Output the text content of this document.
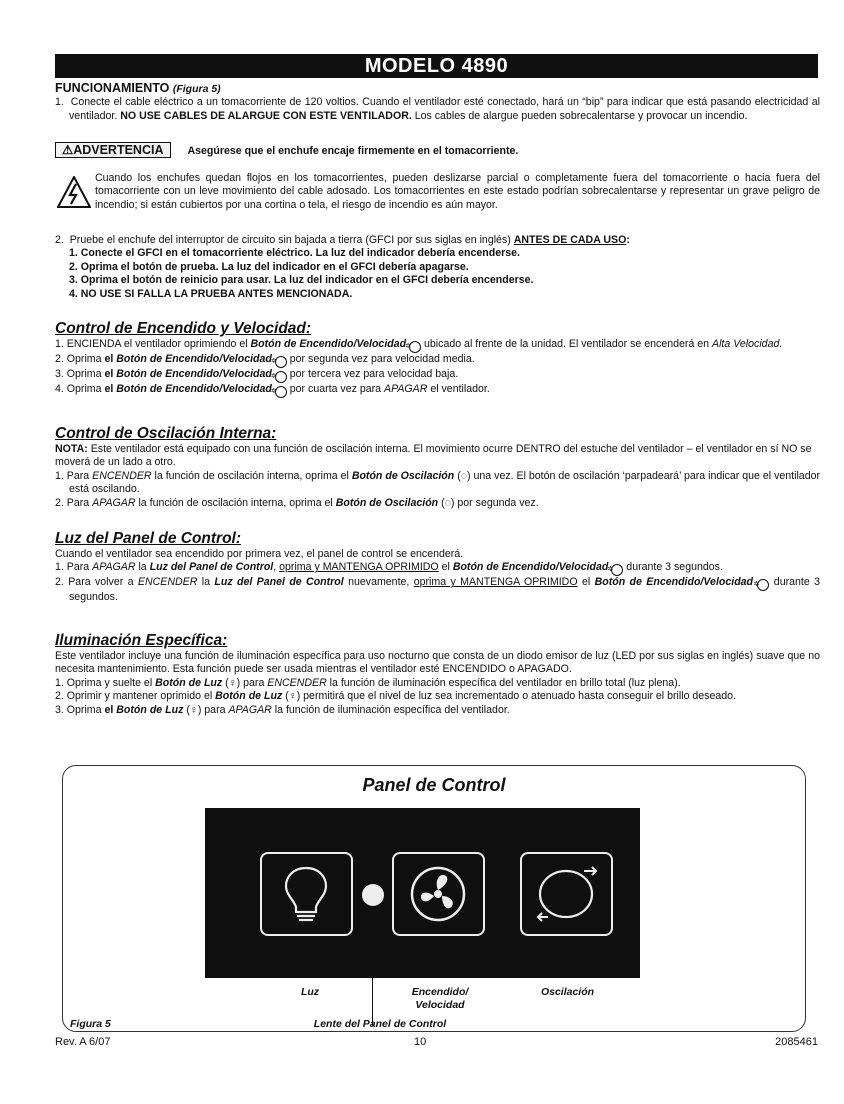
MODELO 4890
FUNCIONAMIENTO (Figura 5)
1. Conecte el cable eléctrico a un tomacorriente de 120 voltios. Cuando el ventilador esté conectado, hará un “bip” para indicar que está pasando electricidad al ventilador. NO USE CABLES DE ALARGUE CON ESTE VENTILADOR. Los cables de alargue pueden sobrecalentarse y provocar un incendio.
⚠ADVERTENCIA Asegúrese que el enchufe encaje firmemente en el tomacorriente.
Cuando los enchufes quedan flojos en los tomacorrientes, pueden deslizarse parcial o completamente fuera del tomacorriente o hacia fuera del tomacorriente con un leve movimiento del cable adosado. Los tomacorrientes en este estado podrían sobrecalentarse y representar un grave peligro de incendio; si están cubiertos por una cortina o tela, el riesgo de incendio es aún mayor.
2. Pruebe el enchufe del interruptor de circuito sin bajada a tierra (GFCI por sus siglas en inglés) ANTES DE CADA USO:
1. Conecte el GFCI en el tomacorriente eléctrico. La luz del indicador debería encenderse.
2. Oprima el botón de prueba. La luz del indicador en el GFCI debería apagarse.
3. Oprima el botón de reinicio para usar. La luz del indicador en el GFCI debería encenderse.
4. NO USE SI FALLA LA PRUEBA ANTES MENCIONADA.
Control de Encendido y Velocidad:
1. ENCIENDA el ventilador oprimiendo el Botón de Encendido/Velocidad ✲ ubicado al frente de la unidad. El ventilador se encenderá en Alta Velocidad.
2. Oprima el Botón de Encendido/Velocidad ✲ por segunda vez para velocidad media.
3. Oprima el Botón de Encendido/Velocidad ✲ por tercera vez para velocidad baja.
4. Oprima el Botón de Encendido/Velocidad ✲ por cuarta vez para APAGAR el ventilador.
Control de Oscilación Interna:
NOTA: Este ventilador está equipado con una función de oscilación interna. El movimiento ocurre DENTRO del estuche del ventilador – el ventilador en sí NO se moverá de un lado a otro.
1. Para ENCENDER la función de oscilación interna, oprima el Botón de Oscilación (◌) una vez. El botón de oscilación ‘parpadeará’ para indicar que el ventilador está oscilando.
2. Para APAGAR la función de oscilación interna, oprima el Botón de Oscilación (◌) por segunda vez.
Luz del Panel de Control:
Cuando el ventilador sea encendido por primera vez, el panel de control se encenderá.
1. Para APAGAR la Luz del Panel de Control, oprima y MANTENGA OPRIMIDO el Botón de Encendido/Velocidad ✲ durante 3 segundos.
2. Para volver a ENCENDER la Luz del Panel de Control nuevamente, oprima y MANTENGA OPRIMIDO el Botón de Encendido/Velocidad ✲ durante 3 segundos.
Iluminación Específica:
Este ventilador incluye una función de iluminación específica para uso nocturno que consta de un diodo emisor de luz (LED por sus siglas en inglés) suave que no necesita mantenimiento. Esta función puede ser usada mientras el ventilador esté ENCENDIDO o APAGADO.
1. Oprima y suelte el Botón de Luz (♀) para ENCENDER la función de iluminación específica del ventilador en brillo total (luz plena).
2. Oprimir y mantener oprimido el Botón de Luz (♀) permitirá que el nivel de luz sea incrementado o atenuado hasta conseguir el brillo deseado.
3. Oprima el Botón de Luz (♀) para APAGAR la función de iluminación específica del ventilador.
Panel de Control
Luz	Encendido/
Velocidad
Oscilación
Lente del Panel de Control
Figura 5
Rev. A 6/07	10	2085461
